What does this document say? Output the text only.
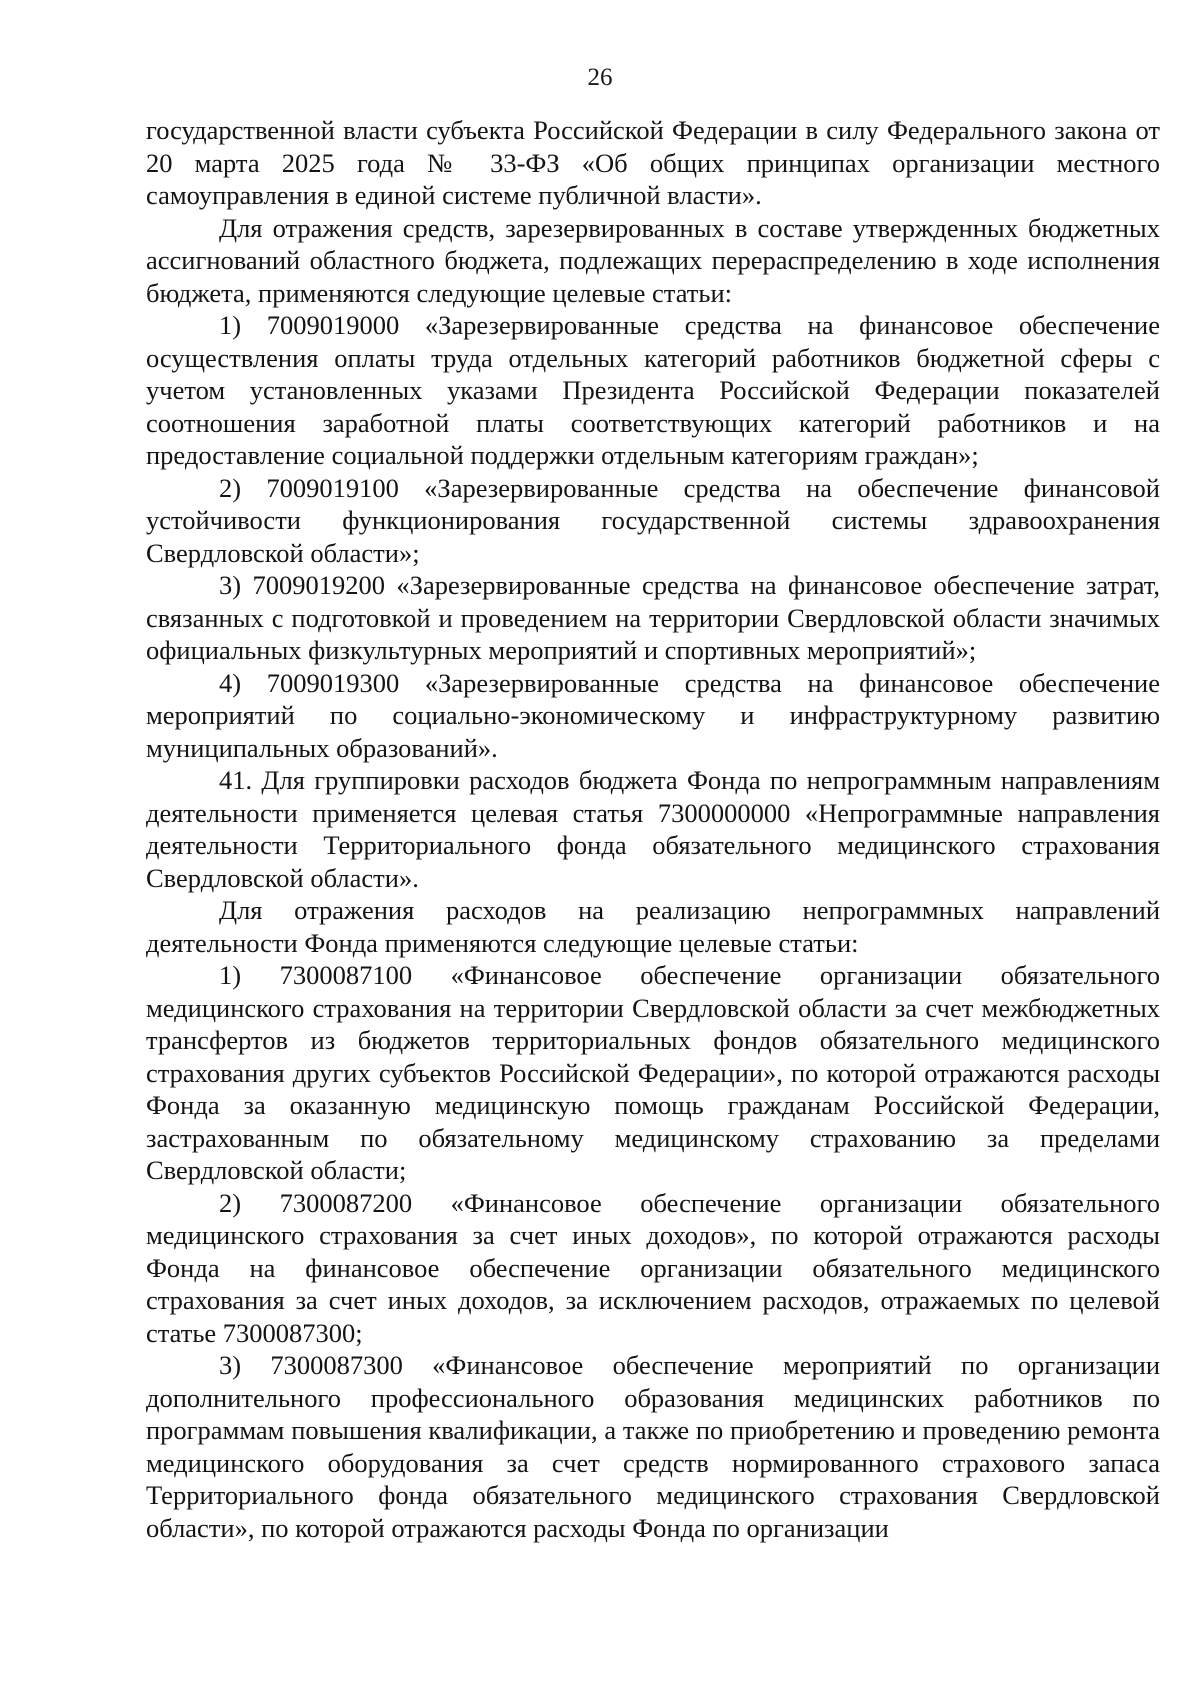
26

государственной власти субъекта Российской Федерации в силу Федерального закона от 20 марта 2025 года № 33-ФЗ «Об общих принципах организации местного самоуправления в единой системе публичной власти».

Для отражения средств, зарезервированных в составе утвержденных бюджетных ассигнований областного бюджета, подлежащих перераспределению в ходе исполнения бюджета, применяются следующие целевые статьи:

1) 7009019000 «Зарезервированные средства на финансовое обеспечение осуществления оплаты труда отдельных категорий работников бюджетной сферы с учетом установленных указами Президента Российской Федерации показателей соотношения заработной платы соответствующих категорий работников и на предоставление социальной поддержки отдельным категориям граждан»;

2) 7009019100 «Зарезервированные средства на обеспечение финансовой устойчивости функционирования государственной системы здравоохранения Свердловской области»;

3) 7009019200 «Зарезервированные средства на финансовое обеспечение затрат, связанных с подготовкой и проведением на территории Свердловской области значимых официальных физкультурных мероприятий и спортивных мероприятий»;

4) 7009019300 «Зарезервированные средства на финансовое обеспечение мероприятий по социально-экономическому и инфраструктурному развитию муниципальных образований».

41. Для группировки расходов бюджета Фонда по непрограммным направлениям деятельности применяется целевая статья 7300000000 «Непрограммные направления деятельности Территориального фонда обязательного медицинского страхования Свердловской области».

Для отражения расходов на реализацию непрограммных направлений деятельности Фонда применяются следующие целевые статьи:

1) 7300087100 «Финансовое обеспечение организации обязательного медицинского страхования на территории Свердловской области за счет межбюджетных трансфертов из бюджетов территориальных фондов обязательного медицинского страхования других субъектов Российской Федерации», по которой отражаются расходы Фонда за оказанную медицинскую помощь гражданам Российской Федерации, застрахованным по обязательному медицинскому страхованию за пределами Свердловской области;

2) 7300087200 «Финансовое обеспечение организации обязательного медицинского страхования за счет иных доходов», по которой отражаются расходы Фонда на финансовое обеспечение организации обязательного медицинского страхования за счет иных доходов, за исключением расходов, отражаемых по целевой статье 7300087300;

3) 7300087300 «Финансовое обеспечение мероприятий по организации дополнительного профессионального образования медицинских работников по программам повышения квалификации, а также по приобретению и проведению ремонта медицинского оборудования за счет средств нормированного страхового запаса Территориального фонда обязательного медицинского страхования Свердловской области», по которой отражаются расходы Фонда по организации
